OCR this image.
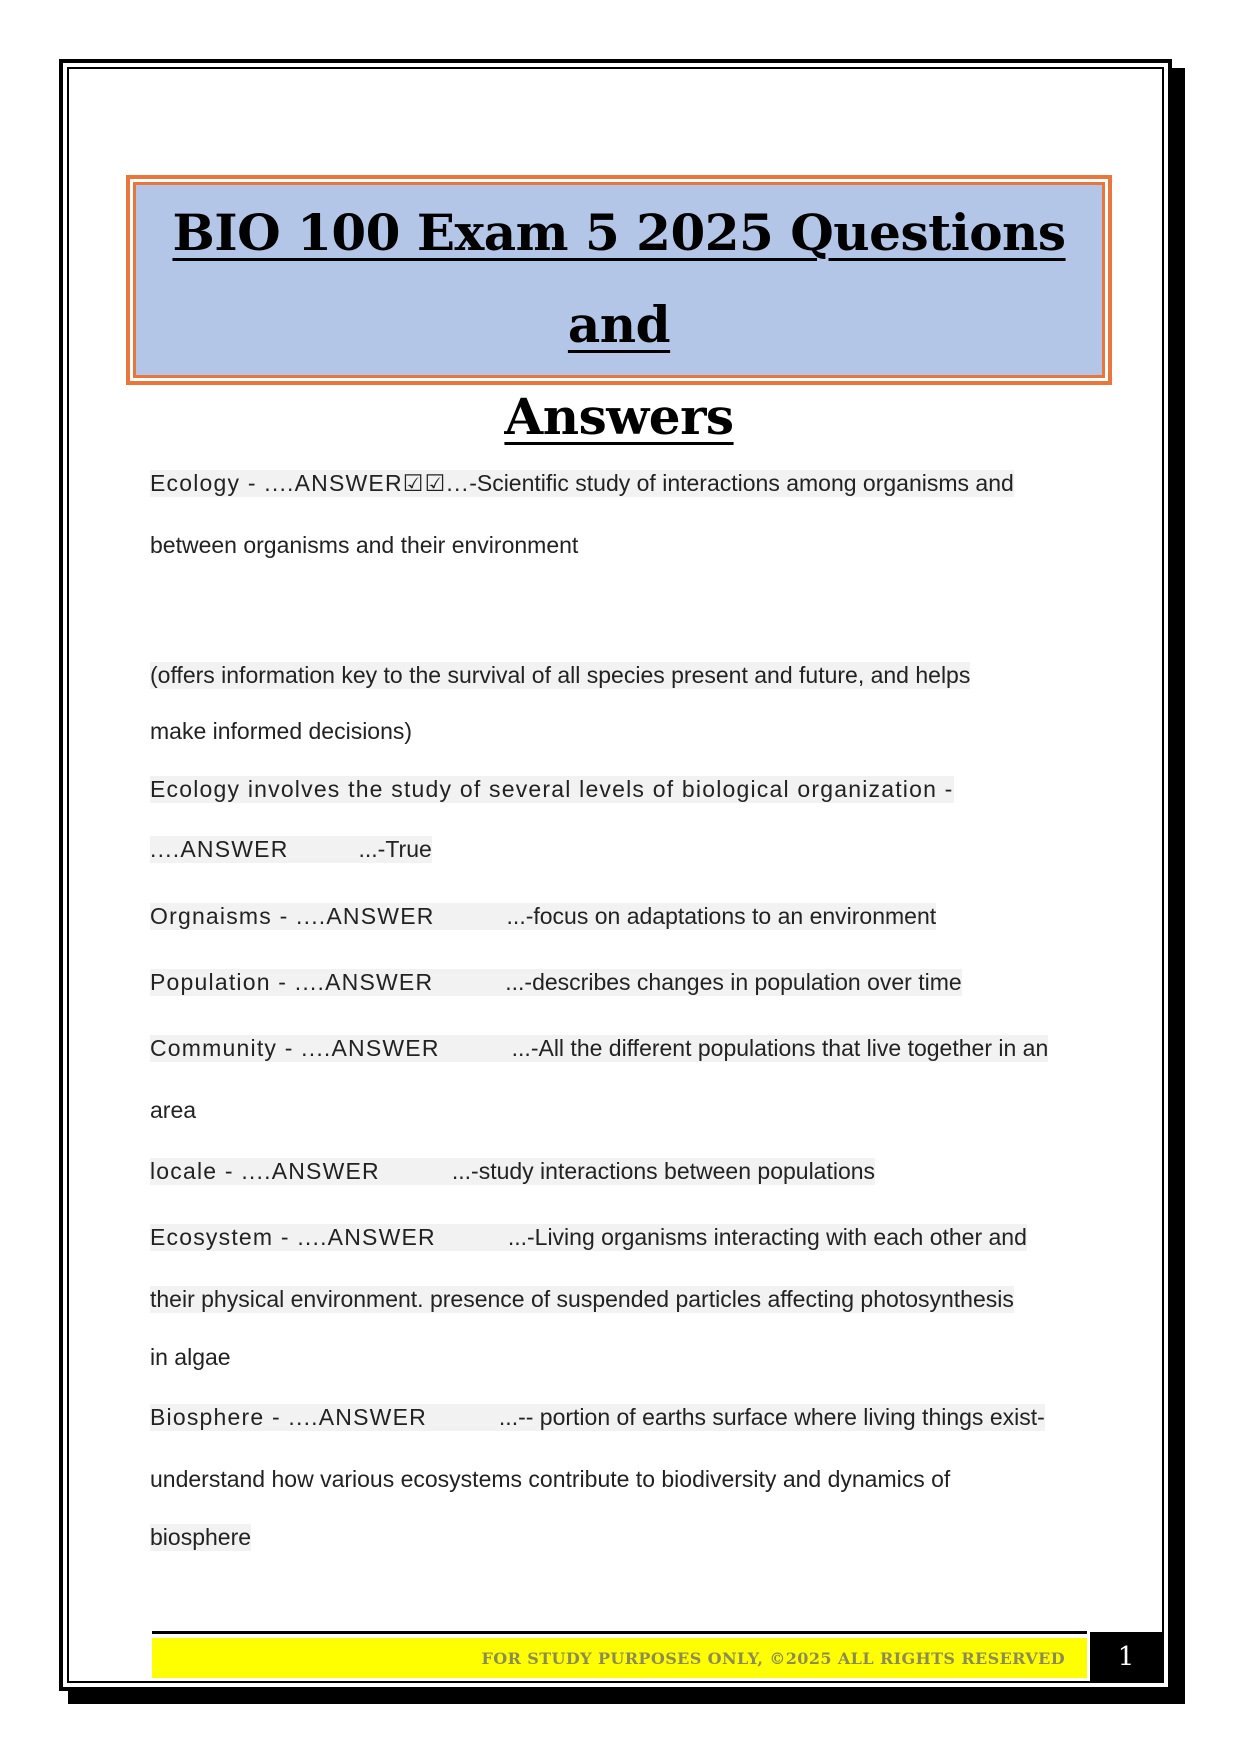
BIO 100 Exam 5 2025 Questions and
Answers
Ecology - ....ANSWER☑☑...-Scientific study of interactions among organisms and
between organisms and their environment
(offers information key to the survival of all species present and future, and helps
make informed decisions)
Ecology involves the study of several levels of biological organization -
....ANSWER	...-True
Orgnaisms - ....ANSWER	...-focus on adaptations to an environment
Population - ....ANSWER	...-describes changes in population over time
Community - ....ANSWER	...-All the different populations that live together in an
area
locale - ....ANSWER	...-study interactions between populations
Ecosystem - ....ANSWER	...-Living organisms interacting with each other and
their physical environment. presence of suspended particles affecting photosynthesis
in algae
Biosphere - ....ANSWER	...-- portion of earths surface where living things exist-
understand how various ecosystems contribute to biodiversity and dynamics of
biosphere
FOR STUDY PURPOSES ONLY, ©2025 ALL RIGHTS RESERVED	1
